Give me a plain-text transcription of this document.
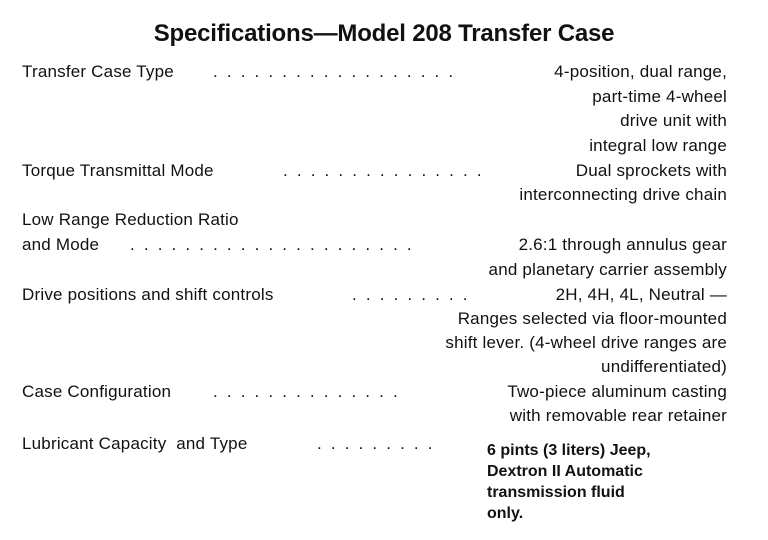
Specifications—Model 208 Transfer Case
Transfer Case Type . . . . . . . . . . . . . . . . . .	4-position, dual range,
part-time 4-wheel
drive unit with
integral low range
Torque Transmittal Mode	. . . . . . . . . . . . . . .	Dual sprockets with
interconnecting drive chain
Low Range Reduction Ratio
and Mode . . . . . . . . . . . . . . . . . . . . .	2.6:1 through annulus gear
and planetary carrier assembly
Drive positions and shift controls	. . . . . . . . .	2H, 4H, 4L, Neutral —
Ranges selected via floor-mounted
shift lever. (4-wheel drive ranges are
undifferentiated)
Case Configuration . . . . . . . . . . . . . .	Two-piece aluminum casting
with removable rear retainer
Lubricant Capacity  and Type	. . . . . . . . .	6 pints (3 liters) Jeep,
Dextron II Automatic
transmission fluid
only.
